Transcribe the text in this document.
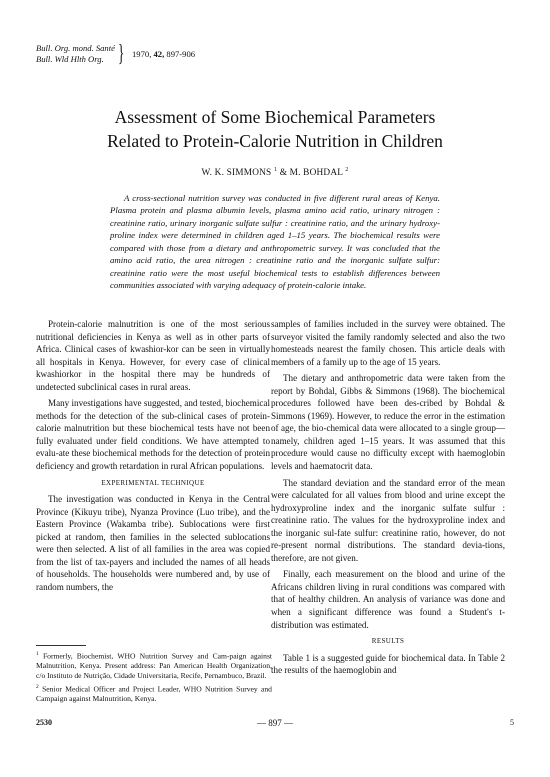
Bull. Org. mond. Santé
Bull. Wld Hlth Org. } 1970, 42, 897-906
Assessment of Some Biochemical Parameters
Related to Protein-Calorie Nutrition in Children
W. K. SIMMONS $^1$ & M. BOHDAL $^2$
A cross-sectional nutrition survey was conducted in five different rural areas of Kenya. Plasma protein and plasma albumin levels, plasma amino acid ratio, urinary nitrogen : creatinine ratio, urinary inorganic sulfate sulfur : creatinine ratio, and the urinary hydroxy-proline index were determined in children aged 1–15 years. The biochemical results were compared with those from a dietary and anthropometric survey. It was concluded that the amino acid ratio, the urea nitrogen : creatinine ratio and the inorganic sulfate sulfur: creatinine ratio were the most useful biochemical tests to establish differences between communities associated with varying adequacy of protein-calorie intake.

Protein-calorie malnutrition is one of the most serious nutritional deficiencies in Kenya as well as in other parts of Africa. Clinical cases of kwashior-kor can be seen in virtually all hospitals in Kenya. However, for every case of clinical kwashiorkor in the hospital there may be hundreds of undetected subclinical cases in rural areas.

Many investigations have suggested, and tested, biochemical methods for the detection of the sub-clinical cases of protein-calorie malnutrition but these biochemical tests have not been fully evaluated under field conditions. We have attempted to evalu-ate these biochemical methods for the detection of protein deficiency and growth retardation in rural African populations.

EXPERIMENTAL TECHNIQUE

The investigation was conducted in Kenya in the Central Province (Kikuyu tribe), Nyanza Province (Luo tribe), and the Eastern Province (Wakamba tribe). Sublocations were first picked at random, then families in the selected sublocations were then selected. A list of all families in the area was copied from the list of tax-payers and included the names of all heads of households. The households were numbered and, by use of random numbers, the

samples of families included in the survey were obtained. The surveyor visited the family randomly selected and also the two homesteads nearest the family chosen. This article deals with members of a family up to the age of 15 years.

The dietary and anthropometric data were taken from the report by Bohdal, Gibbs & Simmons (1968). The biochemical procedures followed have been des-cribed by Bohdal & Simmons (1969). However, to reduce the error in the estimation of age, the bio-chemical data were allocated to a single group—namely, children aged 1–15 years. It was assumed that this procedure would cause no difficulty except with haemoglobin levels and haematocrit data.

The standard deviation and the standard error of the mean were calculated for all values from blood and urine except the hydroxyproline index and the inorganic sulfate sulfur : creatinine ratio. The values for the hydroxyproline index and the inorganic sul-fate sulfur: creatinine ratio, however, do not re-present normal distributions. The standard devia-tions, therefore, are not given.

Finally, each measurement on the blood and urine of the Africans children living in rural conditions was compared with that of healthy children. An analysis of variance was done and when a significant difference was found a Student's t-distribution was estimated.

RESULTS

Table 1 is a suggested guide for biochemical data. In Table 2 the results of the haemoglobin and

$^1$ Formerly, Biochemist, WHO Nutrition Survey and Cam-paign against Malnutrition, Kenya. Present address: Pan American Health Organization, c/o Instituto de Nutrição, Cidade Universitaria, Recife, Pernambuco, Brazil.

$^2$ Senior Medical Officer and Project Leader, WHO Nutrition Survey and Campaign against Malnutrition, Kenya.

2530	— 897 —	5
